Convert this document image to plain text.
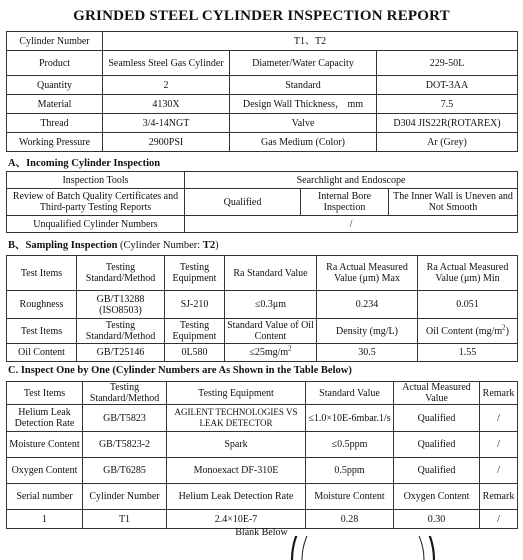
GRINDED STEEL CYLINDER INSPECTION REPORT
Cylinder Number	T1、T2		
Product	Seamless Steel Gas Cylinder	Diameter/Water Capacity	229-50L
Quantity	2	Standard	DOT-3AA
Material	4130X	Design Wall Thickness， mm	7.5
Thread	3/4-14NGT	Valve	D304 JIS22R(ROTAREX)
Working Pressure	2900PSI	Gas Medium (Color)	Ar (Grey)
A、Incoming Cylinder Inspection
Inspection Tools	Searchlight and Endoscope		
Review of Batch Quality Certificates and Third-party Testing Reports	Qualified	Internal Bore Inspection	The Inner Wall is Uneven and Not Smooth
Unqualified Cylinder Numbers	/		
B、Sampling Inspection (Cylinder Number: T2)
Test Items	Testing Standard/Method	Testing Equipment	Ra Standard Value	Ra Actual Measured Value (μm) Max	Ra Actual Measured Value (μm) Min
Roughness	GB/T13288 (ISO8503)	SJ-210	≤0.3μm	0.234	0.051
Test Items	Testing Standard/Method	Testing Equipment	Standard Value of Oil Content	Density (mg/L)	Oil Content $(mg/m^2)$
Oil Content	GB/T25146	0L580	$\le 25mg/m^2$	30.5	1.55
C. Inspect One by One (Cylinder Numbers are As Shown in the Table Below)
Test Items	Testing Standard/Method	Testing Equipment	Standard Value	Actual Measured Value	Remark
Helium Leak Detection Rate	GB/T5823	AGILENT TECHNOLOGIES VS LEAK DETECTOR	≤1.0×10E-6mbar.1/s	Qualified	/
Moisture Content	GB/T5823-2	Spark	≤0.5ppm	Qualified	/
Oxygen Content	GB/T6285	Monoexact DF-310E	0.5ppm	Qualified	/
Serial number	Cylinder Number	Helium Leak Detection Rate	Moisture Content	Oxygen Content	Remark
1	T1	2.4×10E-7	0.28	0.30	/
Blank Below
